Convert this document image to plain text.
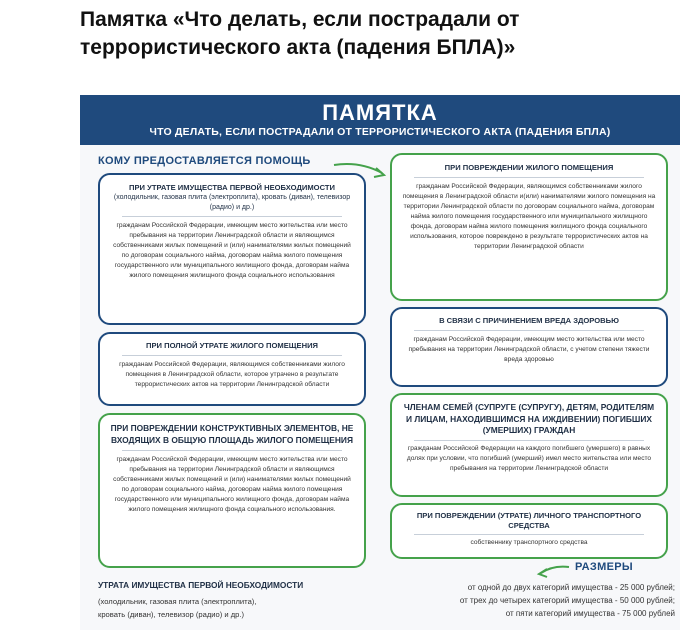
Памятка «Что делать, если пострадали от террористического акта (падения БПЛА)»
ПАМЯТКА
ЧТО ДЕЛАТЬ, ЕСЛИ ПОСТРАДАЛИ ОТ ТЕРРОРИСТИЧЕСКОГО АКТА (ПАДЕНИЯ БПЛА)
КОМУ ПРЕДОСТАВЛЯЕТСЯ ПОМОЩЬ
ПРИ УТРАТЕ ИМУЩЕСТВА ПЕРВОЙ НЕОБХОДИМОСТИ
(холодильник, газовая плита (электроплита), кровать (диван), телевизор (радио) и др.)
гражданам Российской Федерации, имеющим место жительства или место пребывания на территории Ленинградской области и являющимся собственниками жилых помещений и (или) нанимателями жилых помещений по договорам социального найма, договорам найма жилого помещения государственного или муниципального жилищного фонда, договорам найма жилого помещения жилищного фонда социального использования
ПРИ ПОЛНОЙ УТРАТЕ ЖИЛОГО ПОМЕЩЕНИЯ
гражданам Российской Федерации, являющимся собственниками жилого помещения в Ленинградской области, которое утрачено в результате террористических актов на территории Ленинградской области
ПРИ ПОВРЕЖДЕНИИ КОНСТРУКТИВНЫХ ЭЛЕМЕНТОВ, НЕ ВХОДЯЩИХ В ОБЩУЮ ПЛОЩАДЬ ЖИЛОГО ПОМЕЩЕНИЯ
гражданам Российской Федерации, имеющим место жительства или место пребывания на территории Ленинградской области и являющимся собственниками жилых помещений и (или) нанимателями жилых помещений по договорам социального найма, договорам найма жилого помещения государственного или муниципального жилищного фонда, договорам найма жилого помещения жилищного фонда социального использования.
ПРИ ПОВРЕЖДЕНИИ ЖИЛОГО ПОМЕЩЕНИЯ
гражданам Российской Федерации, являющимся собственниками жилого помещения в Ленинградской области и(или) нанимателями жилого помещения на территории Ленинградской области по договорам социального найма, договорам найма жилого помещения государственного или муниципального жилищного фонда, договорам найма жилого помещения жилищного фонда социального использования, которое повреждено в результате террористических актов на территории Ленинградской области
В СВЯЗИ С ПРИЧИНЕНИЕМ ВРЕДА ЗДОРОВЬЮ
гражданам Российской Федерации, имеющим место жительства или место пребывания на территории Ленинградской области, с учетом степени тяжести вреда здоровью
ЧЛЕНАМ СЕМЕЙ (СУПРУГЕ (СУПРУГУ), ДЕТЯМ, РОДИТЕЛЯМ И ЛИЦАМ, НАХОДИВШИМСЯ НА ИЖДИВЕНИИ) ПОГИБШИХ (УМЕРШИХ) ГРАЖДАН
гражданам Российской Федерации на каждого погибшего (умершего) в равных долях при условии, что погибший (умерший) имел место жительства или место пребывания на территории Ленинградской области
ПРИ ПОВРЕЖДЕНИИ (УТРАТЕ) ЛИЧНОГО ТРАНСПОРТНОГО СРЕДСТВА
собственнику транспортного средства
УТРАТА ИМУЩЕСТВА ПЕРВОЙ НЕОБХОДИМОСТИ
(холодильник, газовая плита (электроплита),
кровать (диван), телевизор (радио) и др.)
РАЗМЕРЫ
от одной до двух категорий имущества - 25 000 рублей;
от трех до четырех категорий имущества - 50 000 рублей;
от пяти категорий имущества - 75 000 рублей
